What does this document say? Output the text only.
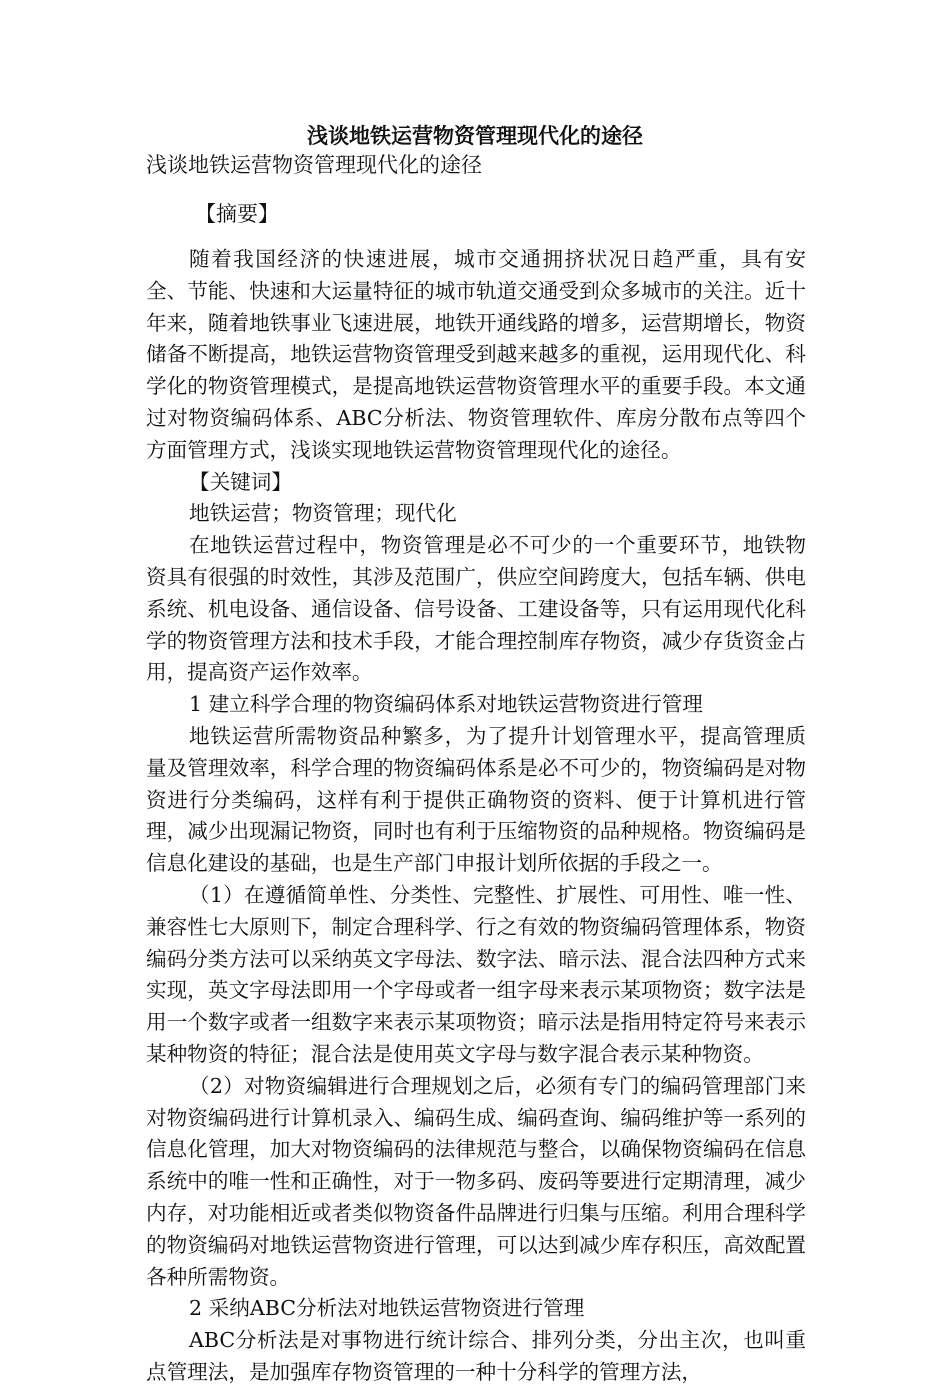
浅谈地铁运营物资管理现代化的途径
浅谈地铁运营物资管理现代化的途径
【摘要】

随着我国经济的快速进展，城市交通拥挤状况日趋严重，具有安全、节能、快速和大运量特征的城市轨道交通受到众多城市的关注。近十年来，随着地铁事业飞速进展，地铁开通线路的增多，运营期增长，物资储备不断提高，地铁运营物资管理受到越来越多的重视，运用现代化、科学化的物资管理模式，是提高地铁运营物资管理水平的重要手段。本文通过对物资编码体系、ABC分析法、物资管理软件、库房分散布点等四个方面管理方式，浅谈实现地铁运营物资管理现代化的途径。

【关键词】

地铁运营；物资管理；现代化

在地铁运营过程中，物资管理是必不可少的一个重要环节，地铁物资具有很强的时效性，其涉及范围广，供应空间跨度大，包括车辆、供电系统、机电设备、通信设备、信号设备、工建设备等，只有运用现代化科学的物资管理方法和技术手段，才能合理控制库存物资，减少存货资金占用，提高资产运作效率。

1 建立科学合理的物资编码体系对地铁运营物资进行管理

地铁运营所需物资品种繁多，为了提升计划管理水平，提高管理质量及管理效率，科学合理的物资编码体系是必不可少的，物资编码是对物资进行分类编码，这样有利于提供正确物资的资料、便于计算机进行管理，减少出现漏记物资，同时也有利于压缩物资的品种规格。物资编码是信息化建设的基础，也是生产部门申报计划所依据的手段之一。

（1）在遵循简单性、分类性、完整性、扩展性、可用性、唯一性、兼容性七大原则下，制定合理科学、行之有效的物资编码管理体系，物资编码分类方法可以采纳英文字母法、数字法、暗示法、混合法四种方式来实现，英文字母法即用一个字母或者一组字母来表示某项物资；数字法是用一个数字或者一组数字来表示某项物资；暗示法是指用特定符号来表示某种物资的特征；混合法是使用英文字母与数字混合表示某种物资。

（2）对物资编辑进行合理规划之后，必须有专门的编码管理部门来对物资编码进行计算机录入、编码生成、编码查询、编码维护等一系列的信息化管理，加大对物资编码的法律规范与整合，以确保物资编码在信息系统中的唯一性和正确性，对于一物多码、废码等要进行定期清理，减少内存，对功能相近或者类似物资备件品牌进行归集与压缩。利用合理科学的物资编码对地铁运营物资进行管理，可以达到减少库存积压，高效配置各种所需物资。

2 采纳ABC分析法对地铁运营物资进行管理

ABC分析法是对事物进行统计综合、排列分类，分出主次，也叫重点管理法，是加强库存物资管理的一种十分科学的管理方法，
